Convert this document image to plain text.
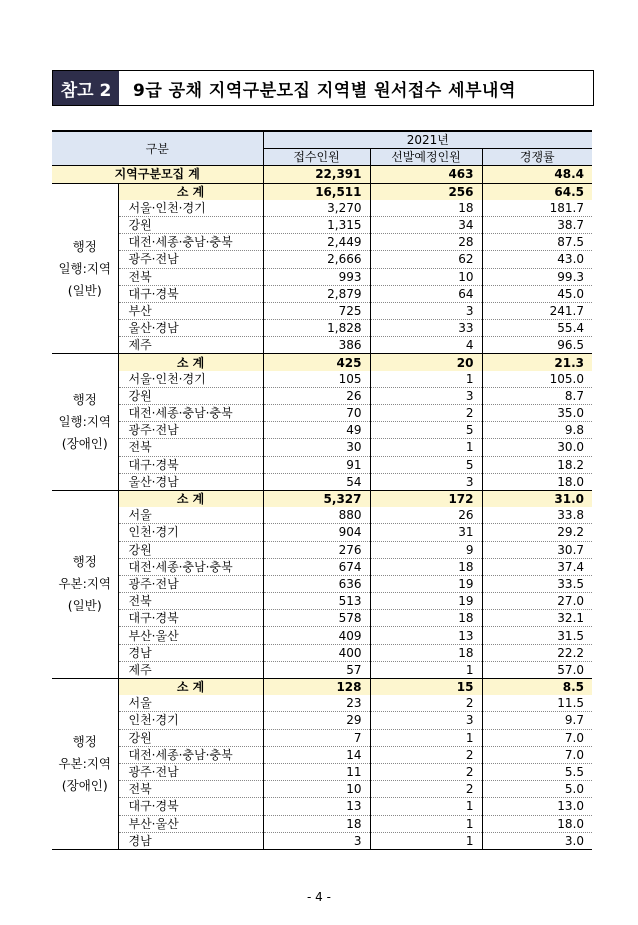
참고 2	9급 공채 지역구분모집 지역별 원서접수 세부내역
구분		2021년		
		접수인원	선발예정인원	경쟁률
지역구분모집 계		22,391	463	48.4

행정
일행:지역
(일반)	소 계	16,511	256	64.5
	서울·인천·경기	3,270	18	181.7
	강원	1,315	34	38.7
	대전·세종·충남·충북	2,449	28	87.5
	광주·전남	2,666	62	43.0
	전북	993	10	99.3
	대구·경북	2,879	64	45.0
	부산	725	3	241.7
	울산·경남	1,828	33	55.4
	제주	386	4	96.5

행정
일행:지역
(장애인)	소 계	425	20	21.3
	서울·인천·경기	105	1	105.0
	강원	26	3	8.7
	대전·세종·충남·충북	70	2	35.0
	광주·전남	49	5	9.8
	전북	30	1	30.0
	대구·경북	91	5	18.2
	울산·경남	54	3	18.0

행정
우본:지역
(일반)	소 계	5,327	172	31.0
	서울	880	26	33.8
	인천·경기	904	31	29.2
	강원	276	9	30.7
	대전·세종·충남·충북	674	18	37.4
	광주·전남	636	19	33.5
	전북	513	19	27.0
	대구·경북	578	18	32.1
	부산·울산	409	13	31.5
	경남	400	18	22.2
	제주	57	1	57.0

행정
우본:지역
(장애인)	소 계	128	15	8.5
	서울	23	2	11.5
	인천·경기	29	3	9.7
	강원	7	1	7.0
	대전·세종·충남·충북	14	2	7.0
	광주·전남	11	2	5.5
	전북	10	2	5.0
	대구·경북	13	1	13.0
	부산·울산	18	1	18.0
	경남	3	1	3.0
- 4 -
